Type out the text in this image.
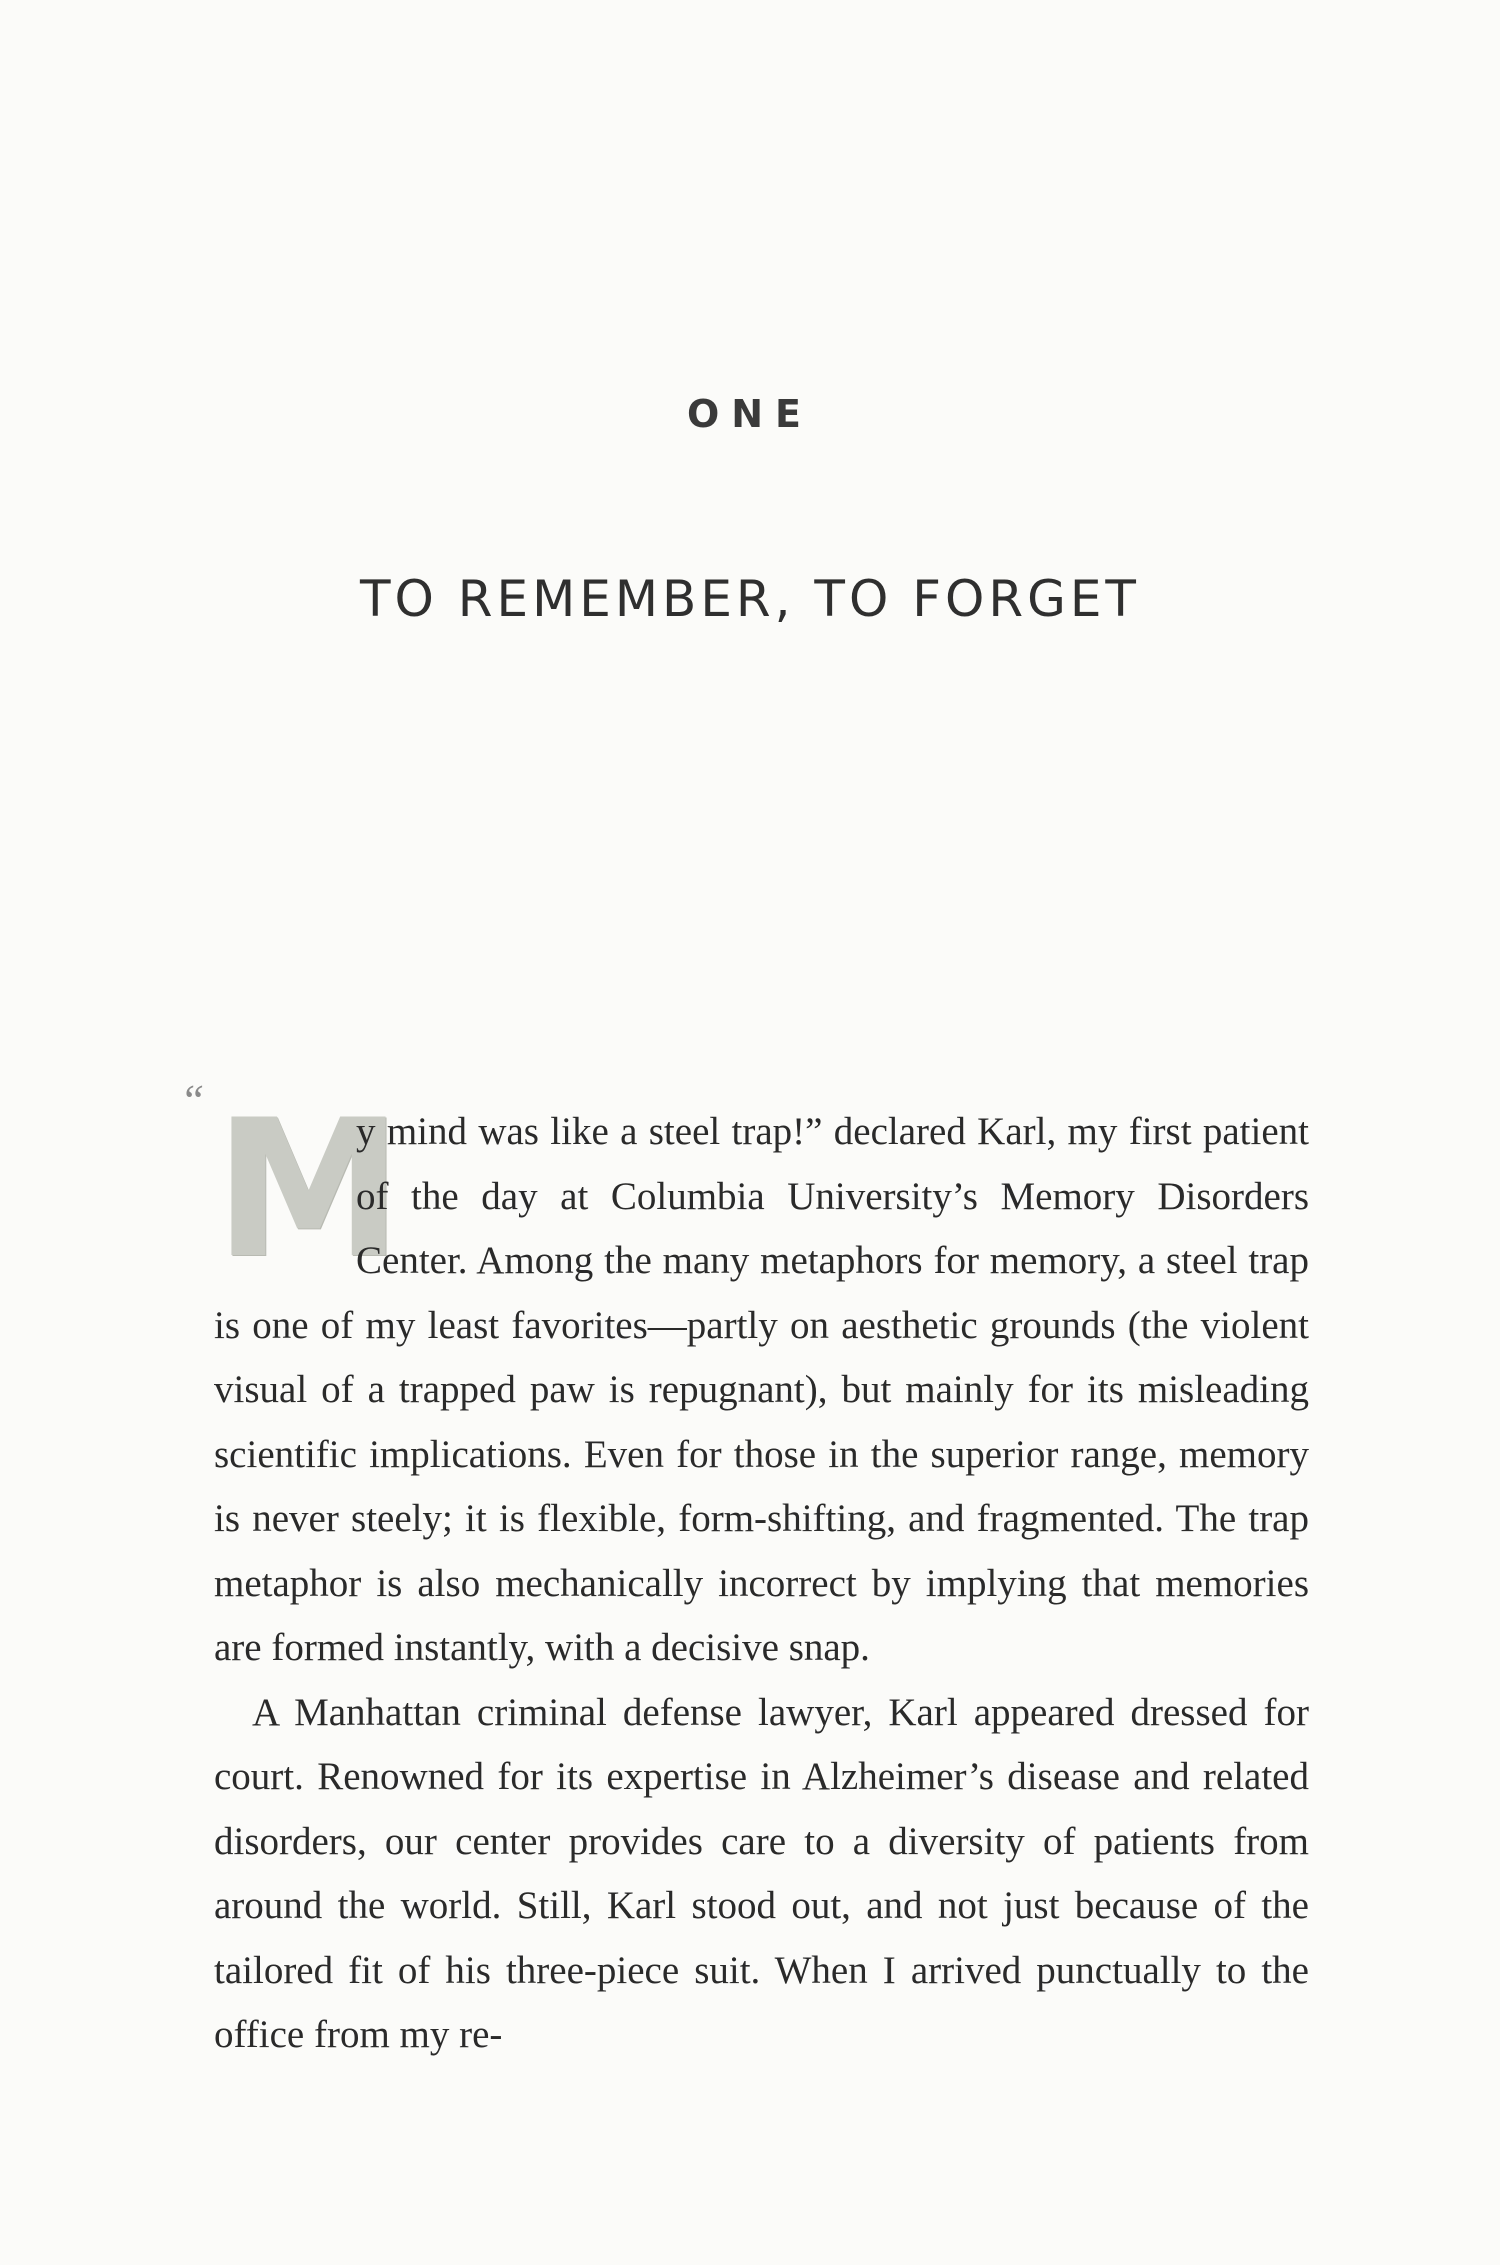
ONE
TO REMEMBER, TO FORGET
“ M
y mind was like a steel trap!” declared Karl, my first patient of the day at Columbia University’s Memory Disorders Center. Among the many metaphors for memory, a steel trap is one of my least favorites—partly on aesthetic grounds (the violent visual of a trapped paw is repugnant), but mainly for its misleading scientific implications. Even for those in the superior range, memory is never steely; it is flexible, form-shifting, and fragmented. The trap metaphor is also mechanically incorrect by implying that memories are formed instantly, with a decisive snap.

A Manhattan criminal defense lawyer, Karl appeared dressed for court. Renowned for its expertise in Alzheimer’s disease and related disorders, our center provides care to a diversity of patients from around the world. Still, Karl stood out, and not just because of the tailored fit of his three-piece suit. When I arrived punctually to the office from my re-
